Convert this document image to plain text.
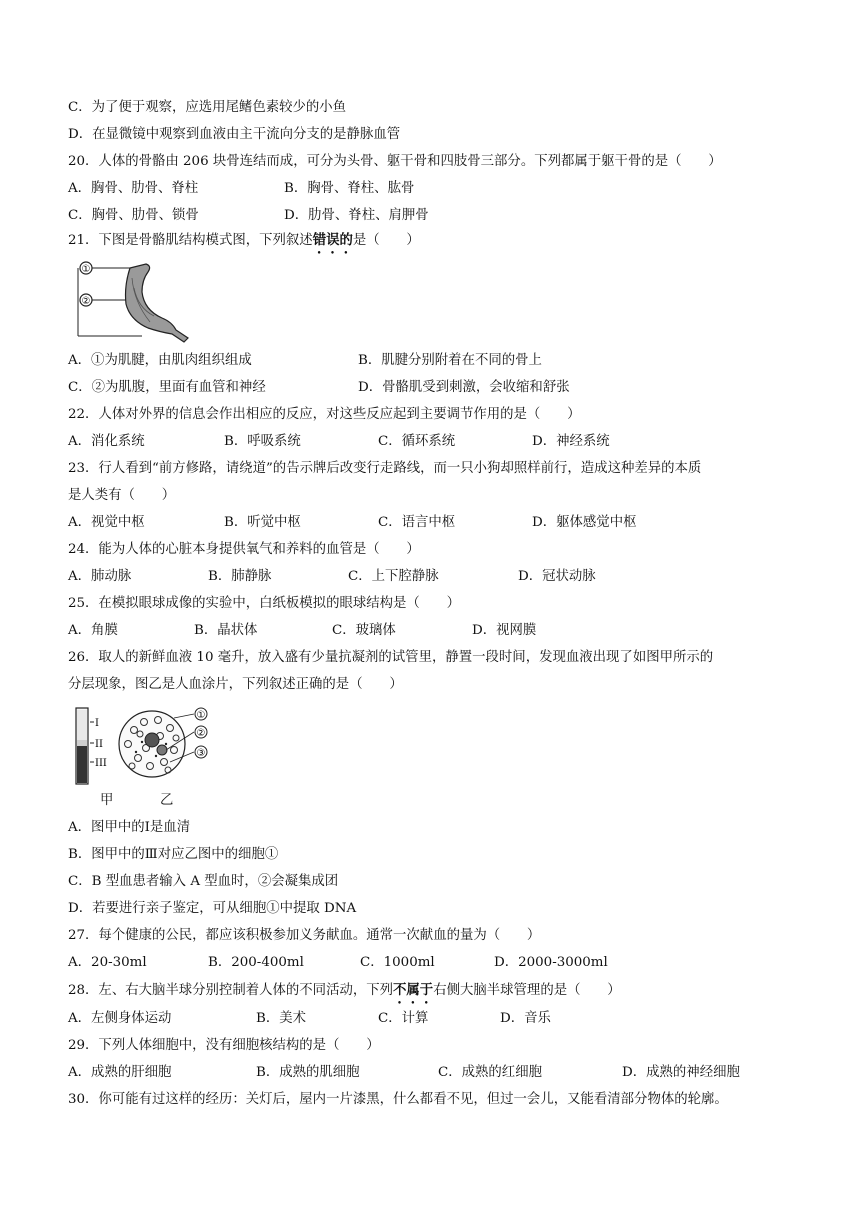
C．为了便于观察，应选用尾鳍色素较少的小鱼
D．在显微镜中观察到血液由主干流向分支的是静脉血管
20．人体的骨骼由 206 块骨连结而成，可分为头骨、躯干骨和四肢骨三部分。下列都属于躯干骨的是（　　）
A．胸骨、肋骨、脊柱	B．胸骨、脊柱、肱骨
C．胸骨、肋骨、锁骨	D．肋骨、脊柱、肩胛骨
21．下图是骨骼肌结构模式图，下列叙述错误的是（　　）
①
②
A．①为肌腱，由肌肉组织组成	B．肌腱分别附着在不同的骨上
C．②为肌腹，里面有血管和神经	D．骨骼肌受到刺激，会收缩和舒张
22．人体对外界的信息会作出相应的反应，对这些反应起到主要调节作用的是（　　）
A．消化系统	B．呼吸系统	C．循环系统	D．神经系统
23．行人看到“前方修路，请绕道”的告示牌后改变行走路线，而一只小狗却照样前行，造成这种差异的本质
是人类有（　　）
A．视觉中枢	B．听觉中枢	C．语言中枢	D．躯体感觉中枢
24．能为人体的心脏本身提供氧气和养料的血管是（　　）
A．肺动脉	B．肺静脉	C．上下腔静脉	D．冠状动脉
25．在模拟眼球成像的实验中，白纸板模拟的眼球结构是（　　）
A．角膜	B．晶状体	C．玻璃体	D．视网膜
26．取人的新鲜血液 10 毫升，放入盛有少量抗凝剂的试管里，静置一段时间，发现血液出现了如图甲所示的
分层现象，图乙是人血涂片，下列叙述正确的是（　　）
I
II
III
①
②
③
甲	乙
A．图甲中的Ⅰ是血清
B．图甲中的Ⅲ对应乙图中的细胞①
C．B 型血患者输入 A 型血时，②会凝集成团
D．若要进行亲子鉴定，可从细胞①中提取 DNA
27．每个健康的公民，都应该积极参加义务献血。通常一次献血的量为（　　）
A．20-30ml	B．200-400ml	C．1000ml	D．2000-3000ml
28．左、右大脑半球分别控制着人体的不同活动，下列不属于右侧大脑半球管理的是（　　）
A．左侧身体运动	B．美术	C．计算	D．音乐
29．下列人体细胞中，没有细胞核结构的是（　　）
A．成熟的肝细胞	B．成熟的肌细胞	C．成熟的红细胞	D．成熟的神经细胞
30．你可能有过这样的经历：关灯后，屋内一片漆黑，什么都看不见，但过一会儿，又能看清部分物体的轮廓。
